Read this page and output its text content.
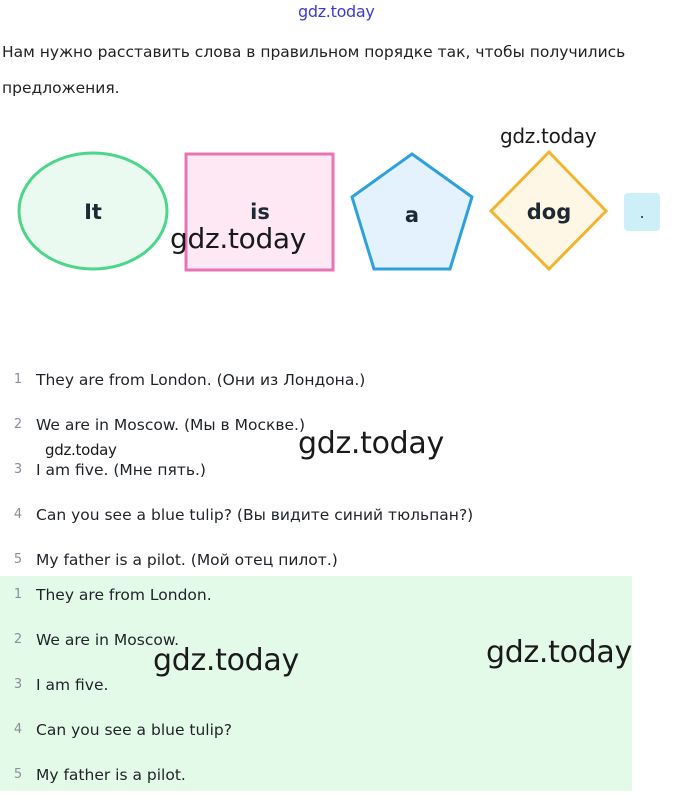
gdz.today
Нам нужно расставить слова в правильном порядке так, чтобы получились предложения.
It	is	a	dog	.
gdz.today
gdz.today
1 They are from London. (Они из Лондона.)
2 We are in Moscow. (Мы в Москве.)
3 I am five. (Мне пять.)
4 Can you see a blue tulip? (Вы видите синий тюльпан?)
5 My father is a pilot. (Мой отец пилот.)
gdz.today	gdz.today
1 They are from London.
2 We are in Moscow.
3 I am five.
4 Can you see a blue tulip?
5 My father is a pilot.
gdz.today	gdz.today
